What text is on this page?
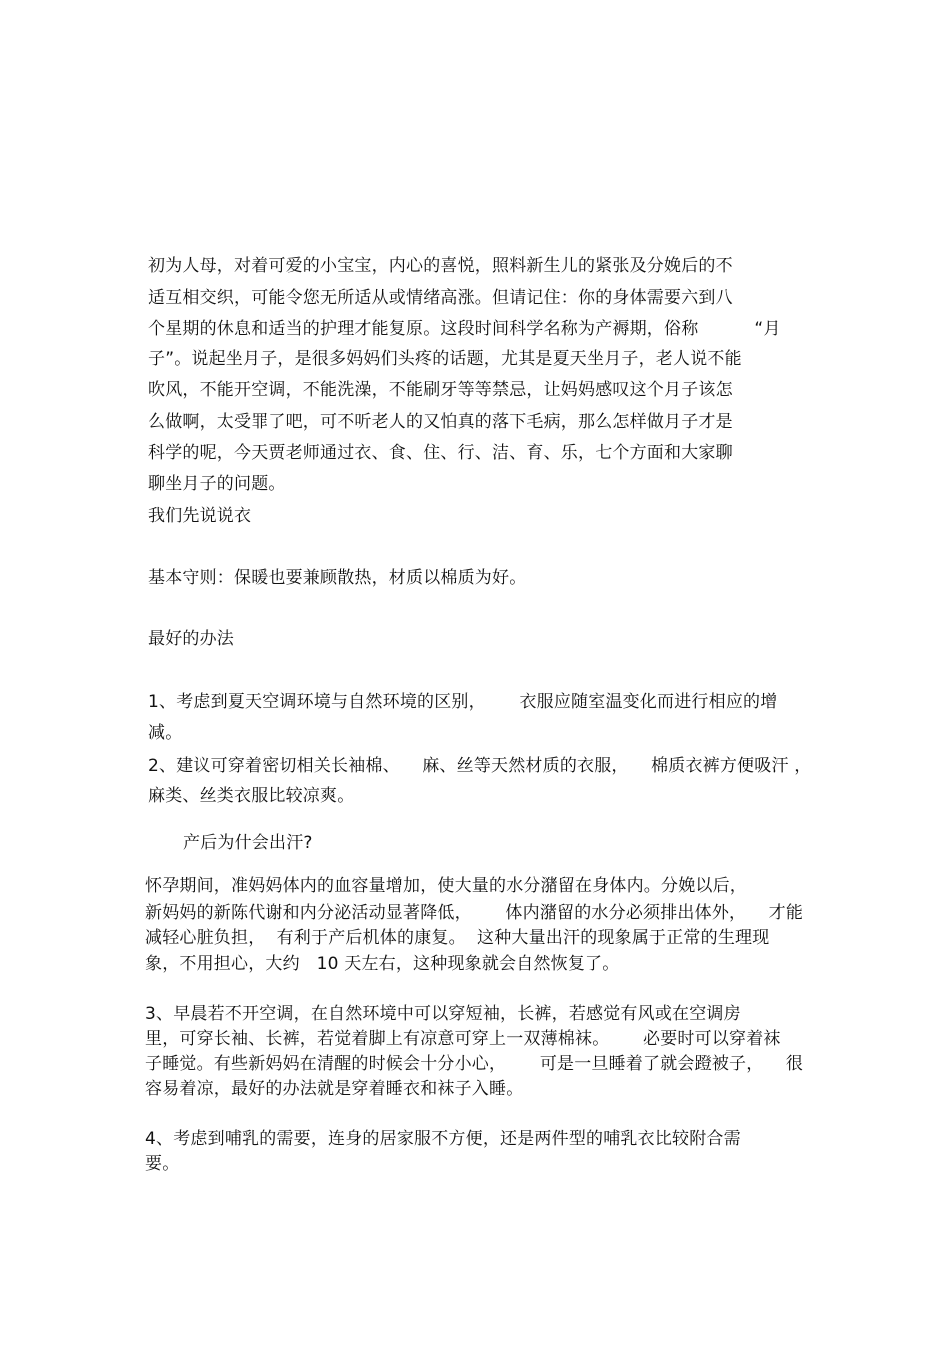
初为人母，对着可爱的小宝宝，内心的喜悦，照料新生儿的紧张及分娩后的不
适互相交织，可能令您无所适从或情绪高涨。但请记住：你的身体需要六到八
个星期的休息和适当的护理才能复原。这段时间科学名称为产褥期，俗称          “月
子”。说起坐月子，是很多妈妈们头疼的话题，尤其是夏天坐月子，老人说不能
吹风，不能开空调，不能洗澡，不能刷牙等等禁忌，让妈妈感叹这个月子该怎
么做啊，太受罪了吧，可不听老人的又怕真的落下毛病，那么怎样做月子才是
科学的呢，今天贾老师通过衣、食、住、行、洁、育、乐，七个方面和大家聊
聊坐月子的问题。
我们先说说衣
基本守则：保暖也要兼顾散热，材质以棉质为好。
最好的办法
1、考虑到夏天空调环境与自然环境的区别，      衣服应随室温变化而进行相应的增
减。
2、建议可穿着密切相关长袖棉、    麻、丝等天然材质的衣服，    棉质衣裤方便吸汗 ，
麻类、丝类衣服比较凉爽。
产后为什会出汗?
怀孕期间，准妈妈体内的血容量增加，使大量的水分潴留在身体内。分娩以后，
新妈妈的新陈代谢和内分泌活动显著降低，      体内潴留的水分必须排出体外，    才能
减轻心脏负担，  有利于产后机体的康复。  这种大量出汗的现象属于正常的生理现
象，不用担心，大约   10 天左右，这种现象就会自然恢复了。
3、早晨若不开空调，在自然环境中可以穿短袖，长裤，若感觉有风或在空调房
里，可穿长袖、长裤，若觉着脚上有凉意可穿上一双薄棉袜。      必要时可以穿着袜
子睡觉。有些新妈妈在清醒的时候会十分小心，      可是一旦睡着了就会蹬被子，    很
容易着凉，最好的办法就是穿着睡衣和袜子入睡。
4、考虑到哺乳的需要，连身的居家服不方便，还是两件型的哺乳衣比较附合需
要。
